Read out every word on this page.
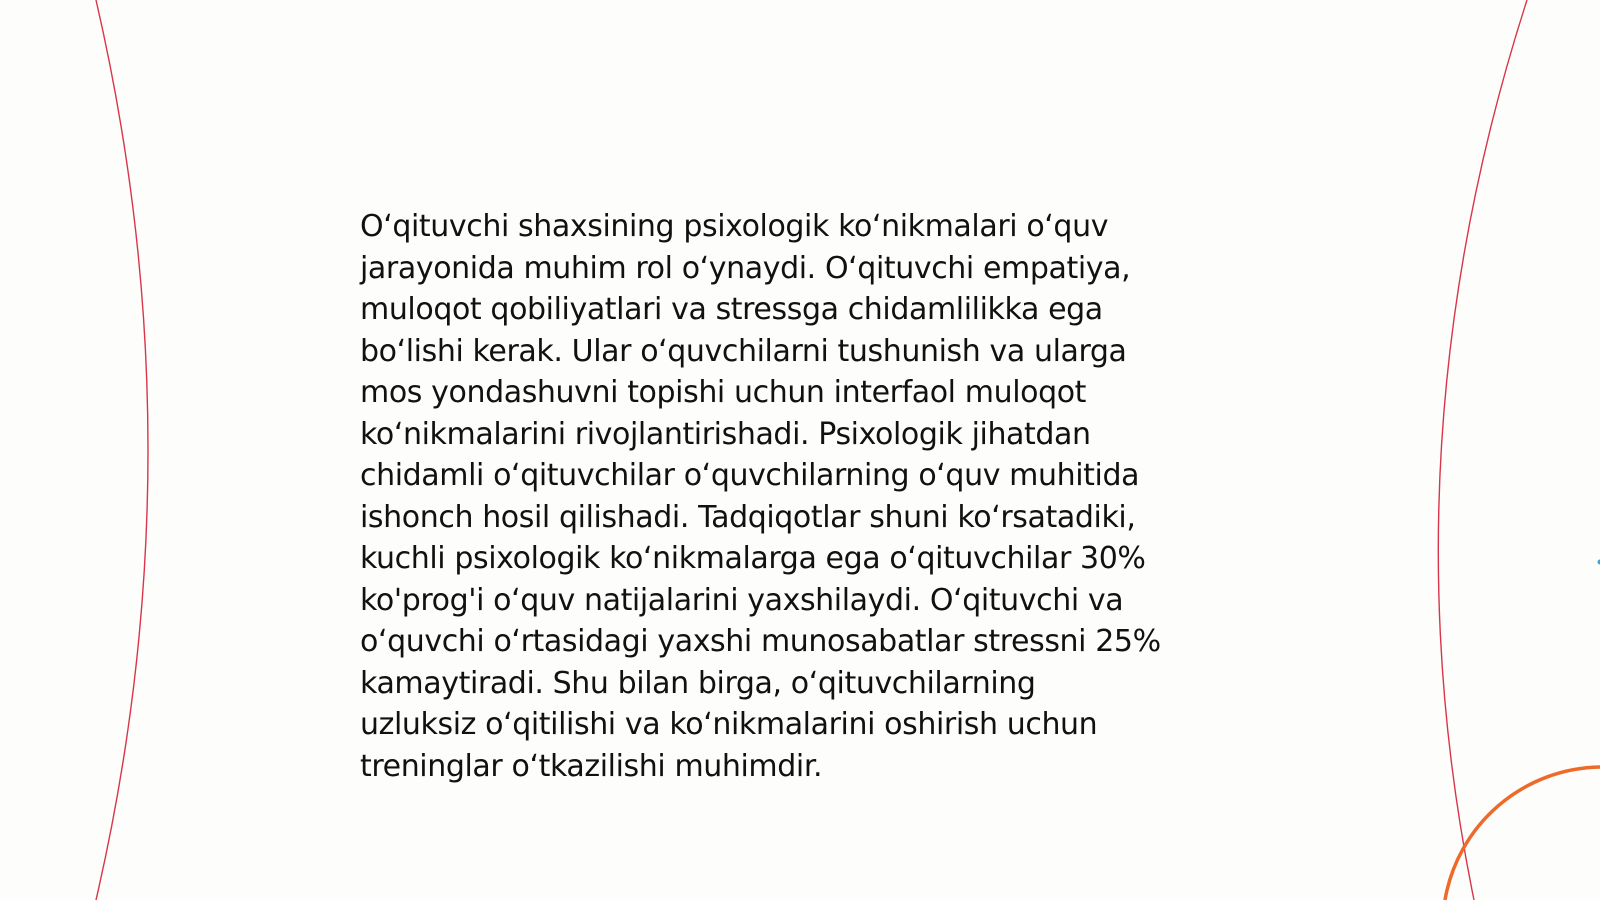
O‘qituvchi shaxsining psixologik ko‘nikmalari o‘quv
jarayonida muhim rol o‘ynaydi. O‘qituvchi empatiya,
muloqot qobiliyatlari va stressga chidamlilikka ega
bo‘lishi kerak. Ular o‘quvchilarni tushunish va ularga
mos yondashuvni topishi uchun interfaol muloqot
ko‘nikmalarini rivojlantirishadi. Psixologik jihatdan
chidamli o‘qituvchilar o‘quvchilarning o‘quv muhitida
ishonch hosil qilishadi. Tadqiqotlar shuni ko‘rsatadiki,
kuchli psixologik ko‘nikmalarga ega o‘qituvchilar 30%
ko'prog'i o‘quv natijalarini yaxshilaydi. O‘qituvchi va
o‘quvchi o‘rtasidagi yaxshi munosabatlar stressni 25%
kamaytiradi. Shu bilan birga, o‘qituvchilarning
uzluksiz o‘qitilishi va ko‘nikmalarini oshirish uchun
treninglar o‘tkazilishi muhimdir.
